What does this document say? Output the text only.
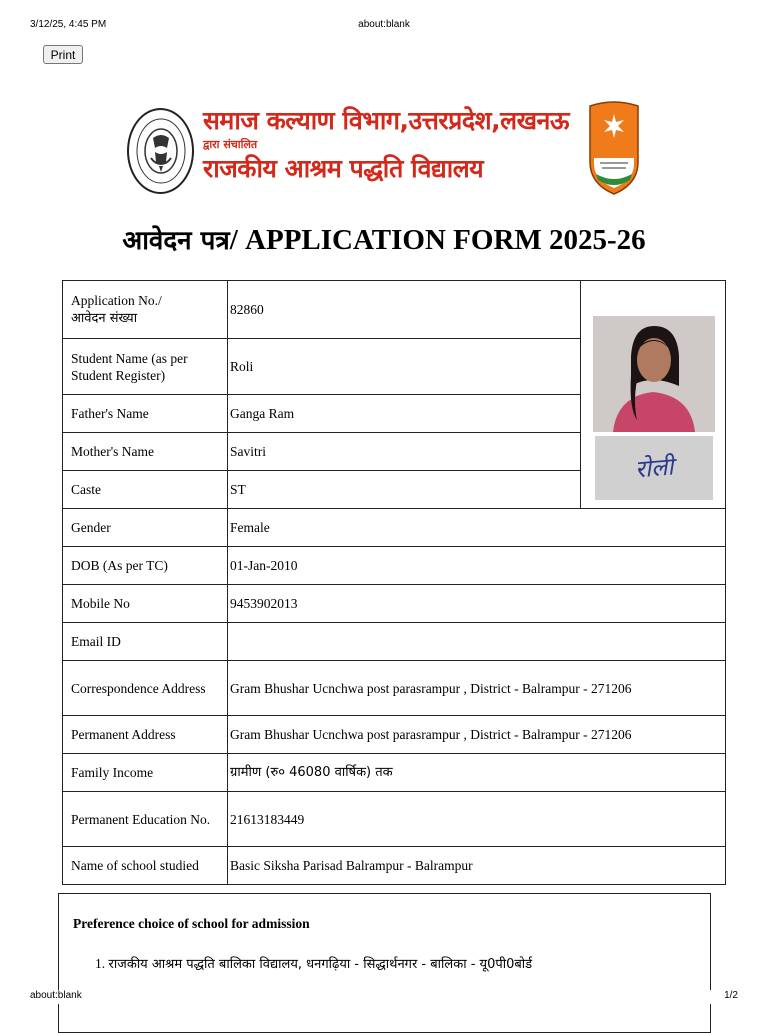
3/12/25, 4:45 PM	about:blank
Print
समाज कल्याण विभाग,उत्तरप्रदेश,लखनऊ
द्वारा संचालित
राजकीय आश्रम पद्धति विद्यालय
आवेदन पत्र/ APPLICATION FORM 2025-26
Application No./
आवेदन संख्या	82860	रोली

Student Name (as per Student Register)	Roli	
Father's Name	Ganga Ram	
Mother's Name	Savitri	
Caste	ST	
Gender	Female	
DOB (As per TC)	01-Jan-2010	
Mobile No	9453902013	
Email ID		
Correspondence Address	Gram Bhushar Ucnchwa post parasrampur , District - Balrampur - 271206	
Permanent Address	Gram Bhushar Ucnchwa post parasrampur , District - Balrampur - 271206	
Family Income	ग्रामीण (रु० 46080 वार्षिक) तक	
Permanent Education No.	21613183449	
Name of school studied	Basic Siksha Parisad Balrampur - Balrampur	
Preference choice of school for admission
1. राजकीय आश्रम पद्धति बालिका विद्यालय, धनगढ़िया - सिद्धार्थनगर - बालिका - यू0पी0बोर्ड
about:blank	1/2
